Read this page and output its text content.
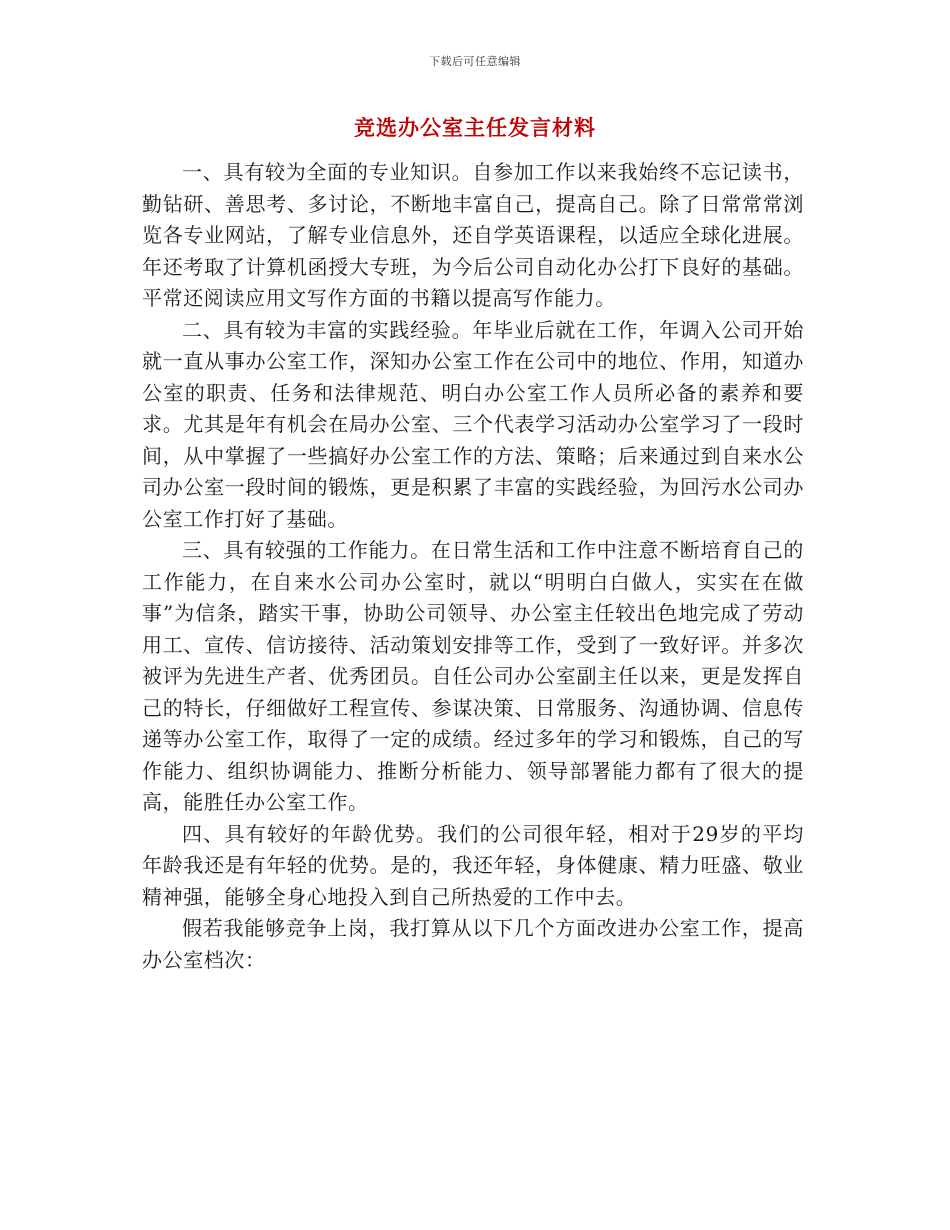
下载后可任意编辑
竞选办公室主任发言材料

一、具有较为全面的专业知识。自参加工作以来我始终不忘记读书，勤钻研、善思考、多讨论，不断地丰富自己，提高自己。除了日常常常浏览各专业网站，了解专业信息外，还自学英语课程，以适应全球化进展。年还考取了计算机函授大专班，为今后公司自动化办公打下良好的基础。平常还阅读应用文写作方面的书籍以提高写作能力。

二、具有较为丰富的实践经验。年毕业后就在工作，年调入公司开始就一直从事办公室工作，深知办公室工作在公司中的地位、作用，知道办公室的职责、任务和法律规范、明白办公室工作人员所必备的素养和要求。尤其是年有机会在局办公室、三个代表学习活动办公室学习了一段时间，从中掌握了一些搞好办公室工作的方法、策略；后来通过到自来水公司办公室一段时间的锻炼，更是积累了丰富的实践经验，为回污水公司办公室工作打好了基础。

三、具有较强的工作能力。在日常生活和工作中注意不断培育自己的工作能力，在自来水公司办公室时，就以“明明白白做人，实实在在做事”为信条，踏实干事，协助公司领导、办公室主任较出色地完成了劳动用工、宣传、信访接待、活动策划安排等工作，受到了一致好评。并多次被评为先进生产者、优秀团员。自任公司办公室副主任以来，更是发挥自己的特长，仔细做好工程宣传、参谋决策、日常服务、沟通协调、信息传递等办公室工作，取得了一定的成绩。经过多年的学习和锻炼，自己的写作能力、组织协调能力、推断分析能力、领导部署能力都有了很大的提高，能胜任办公室工作。

四、具有较好的年龄优势。我们的公司很年轻，相对于29岁的平均年龄我还是有年轻的优势。是的，我还年轻，身体健康、精力旺盛、敬业精神强，能够全身心地投入到自己所热爱的工作中去。

假若我能够竞争上岗，我打算从以下几个方面改进办公室工作，提高办公室档次：
